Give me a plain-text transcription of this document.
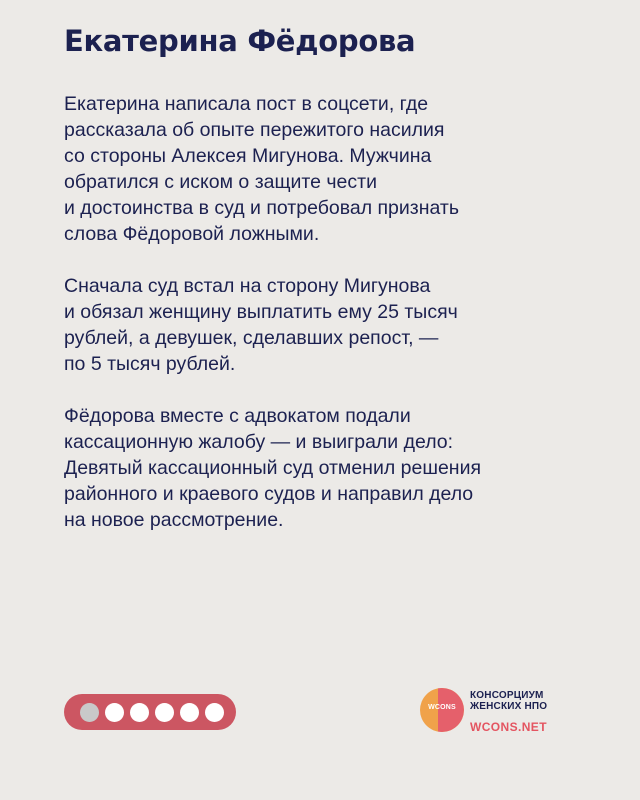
Екатерина Фёдорова

Екатерина написала пост в соцсети, где
рассказала об опыте пережитого насилия
со стороны Алексея Мигунова. Мужчина
обратился с иском о защите чести
и достоинства в суд и потребовал признать
слова Фёдоровой ложными.

Сначала суд встал на сторону Мигунова
и обязал женщину выплатить ему 25 тысяч
рублей, а девушек, сделавших репост, —
по 5 тысяч рублей.

Фёдорова вместе с адвокатом подали
кассационную жалобу — и выиграли дело:
Девятый кассационный суд отменил решения
районного и краевого судов и направил дело
на новое рассмотрение.

WCONS
КОНСОРЦИУМ
ЖЕНСКИХ НПО
WCONS.NET
